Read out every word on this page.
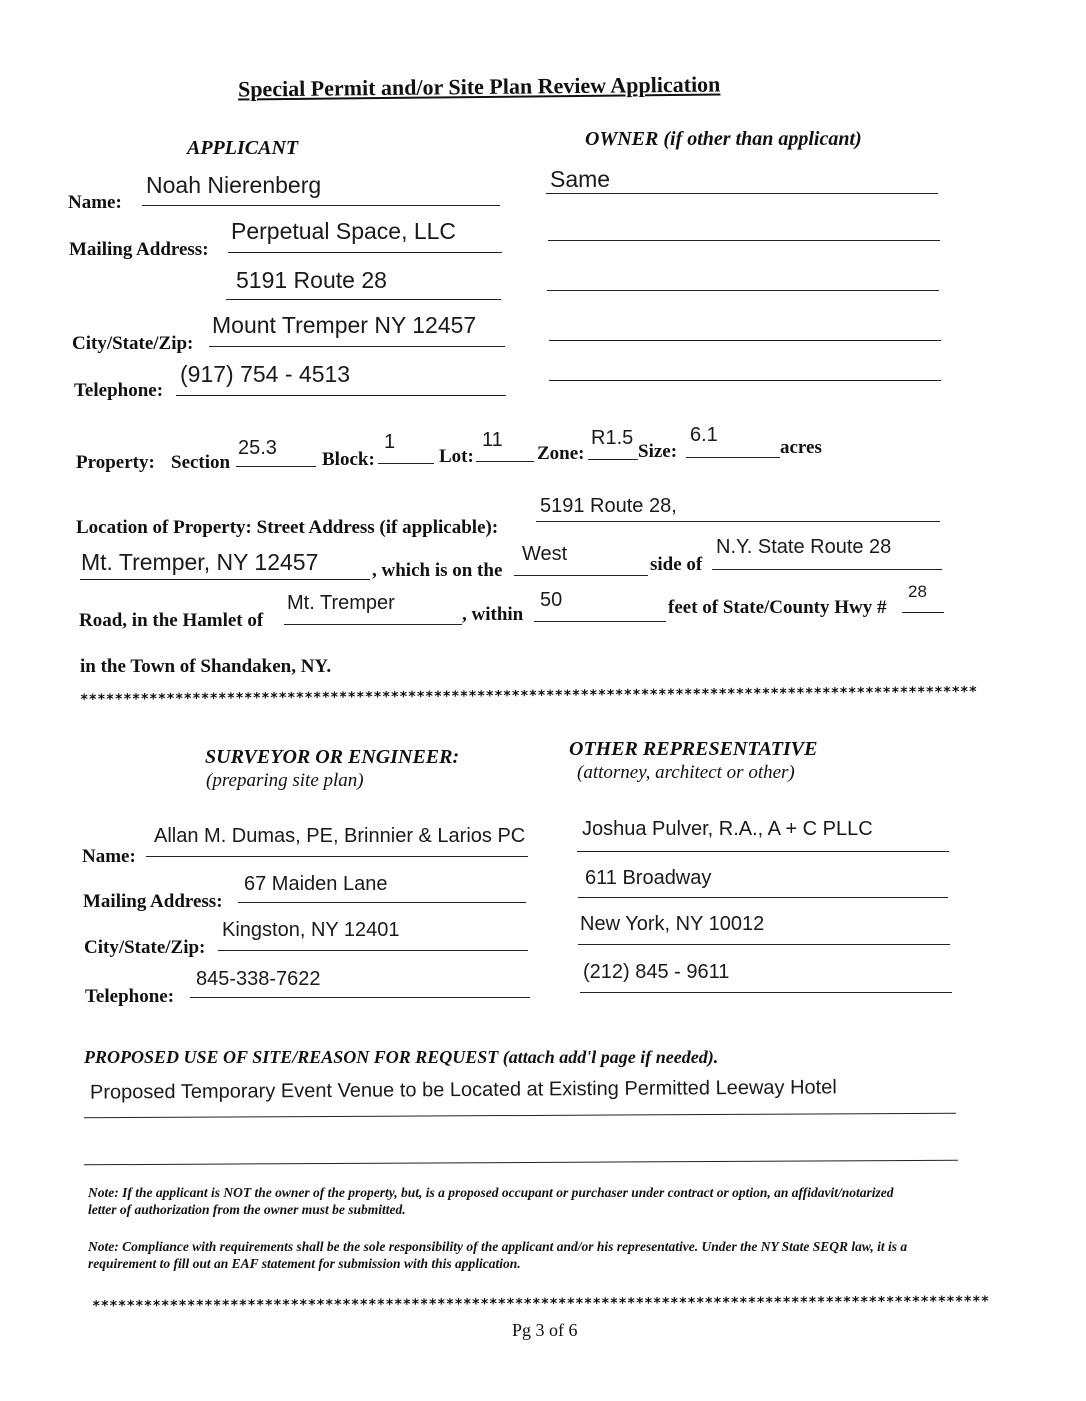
Special Permit and/or Site Plan Review Application
APPLICANT	OWNER (if other than applicant)
Name:
Noah Nierenberg	Same
Mailing Address:
Perpetual Space, LLC
5191 Route 28
City/State/Zip:
Mount Tremper NY 12457
Telephone:
(917) 754 - 4513
Property: Section
25.3
Block:
1
Lot:
11
Zone:
R1.5
Size:
6.1
acres
Location of Property: Street Address (if applicable):
5191 Route 28,
Mt. Tremper, NY 12457	, which is on the
West	side of
N.Y. State Route 28
Road, in the Hamlet of
Mt. Tremper
, within
50	feet of State/County Hwy #
28
in the Town of Shandaken, NY.
********************************************************************************************************
SURVEYOR OR ENGINEER:
(preparing site plan)
OTHER REPRESENTATIVE
(attorney, architect or other)
Name:
Allan M. Dumas, PE, Brinnier & Larios PC	Joshua Pulver, R.A., A + C PLLC
Mailing Address:
67 Maiden Lane	611 Broadway
City/State/Zip:
Kingston, NY 12401	New York, NY 10012
Telephone:
845-338-7622	(212) 845 - 9611
PROPOSED USE OF SITE/REASON FOR REQUEST (attach add'l page if needed).
Proposed Temporary Event Venue to be Located at Existing Permitted Leeway Hotel
Note: If the applicant is NOT the owner of the property, but, is a proposed occupant or purchaser under contract or option, an affidavit/notarized letter of authorization from the owner must be submitted.
Note: Compliance with requirements shall be the sole responsibility of the applicant and/or his representative. Under the NY State SEQR law, it is a requirement to fill out an EAF statement for submission with this application.
********************************************************************************************************
Pg 3 of 6
